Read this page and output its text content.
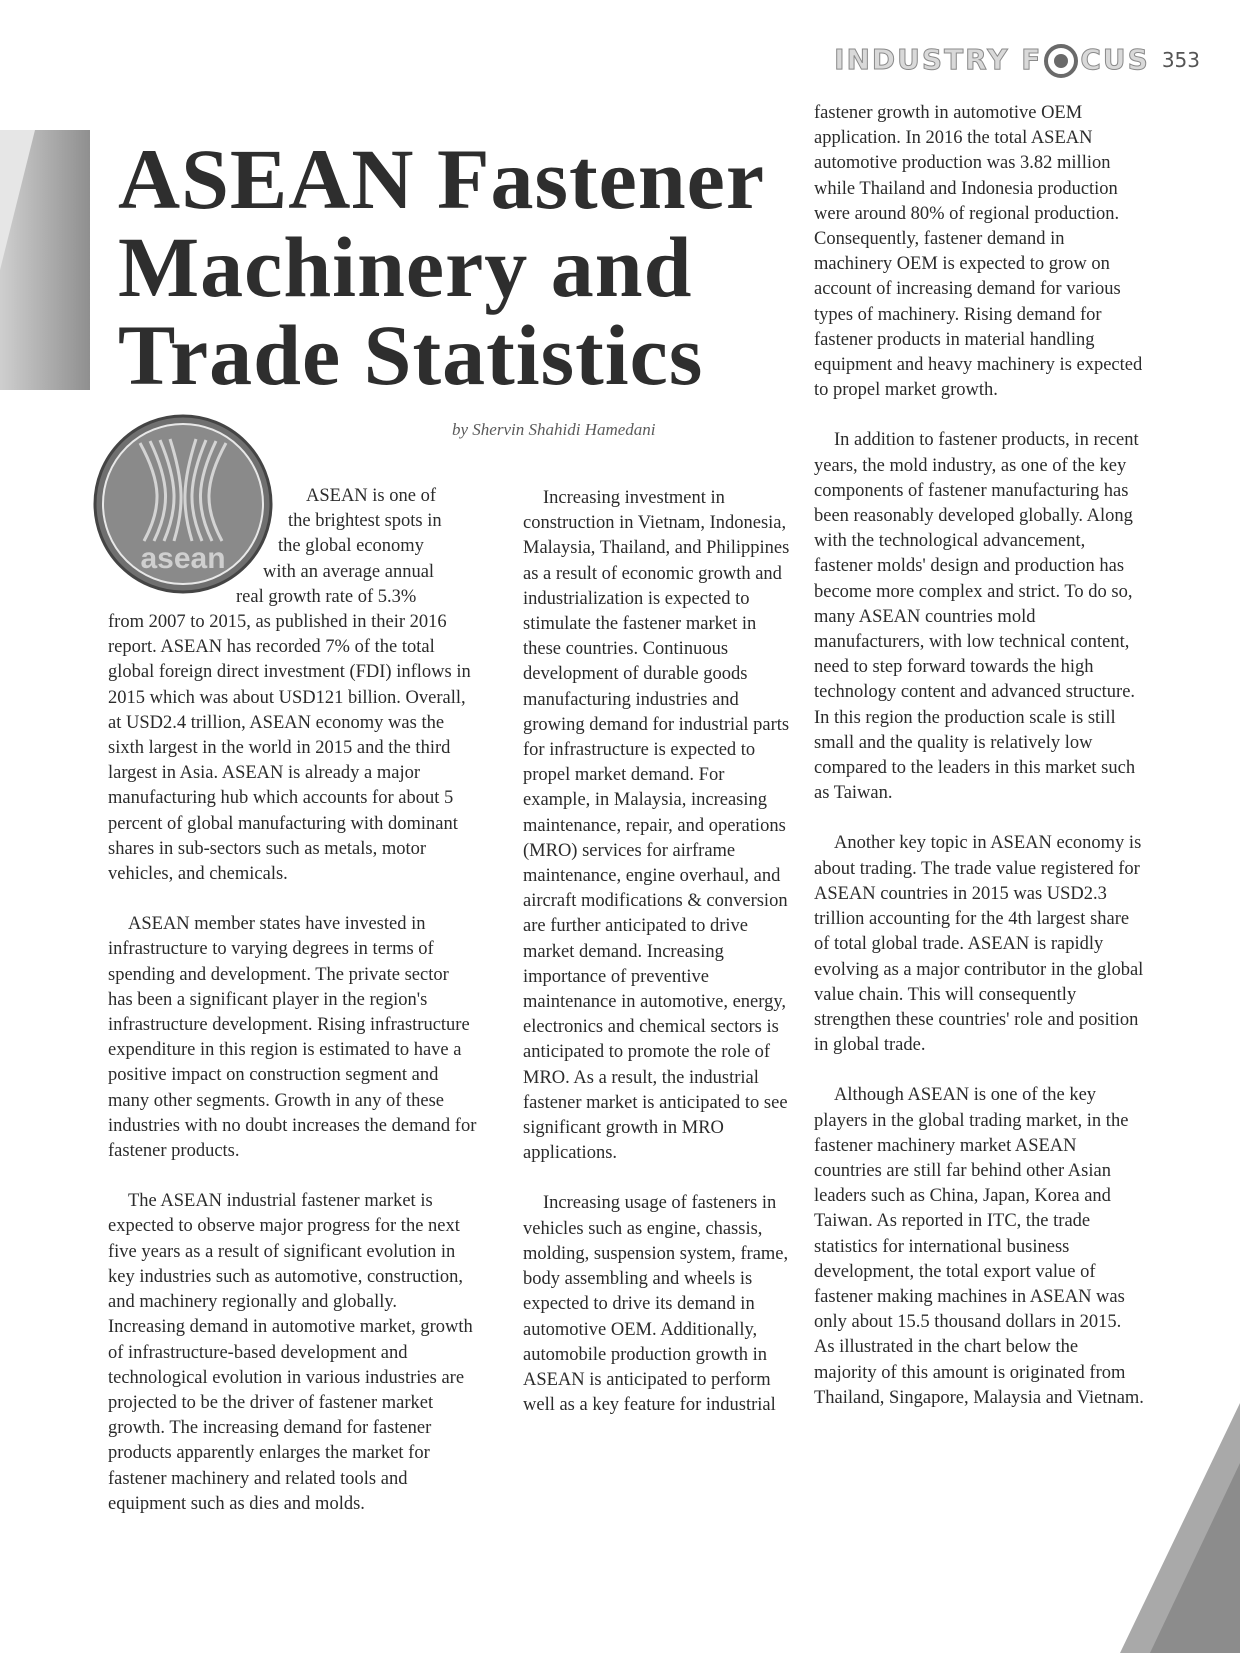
INDUSTRY F CUS 353
ASEAN Fastener
Machinery and
Trade Statistics
by Shervin Shahidi Hamedani
asean

ASEAN is one of

the brightest spots in

the global economy

with an average annual

real growth rate of 5.3%

from 2007 to 2015, as published in their 2016 report. ASEAN has recorded 7% of the total global foreign direct investment (FDI) inflows in 2015 which was about USD121 billion. Overall, at USD2.4 trillion, ASEAN economy was the sixth largest in the world in 2015 and the third largest in Asia. ASEAN is already a major manufacturing hub which accounts for about 5 percent of global manufacturing with dominant shares in sub-sectors such as metals, motor vehicles, and chemicals.

ASEAN member states have invested in infrastructure to varying degrees in terms of spending and development. The private sector has been a significant player in the region's infrastructure development. Rising infrastructure expenditure in this region is estimated to have a positive impact on construction segment and many other segments. Growth in any of these industries with no doubt increases the demand for fastener products.

The ASEAN industrial fastener market is expected to observe major progress for the next five years as a result of significant evolution in key industries such as automotive, construction, and machinery regionally and globally. Increasing demand in automotive market, growth of infrastructure-based development and technological evolution in various industries are projected to be the driver of fastener market growth. The increasing demand for fastener products apparently enlarges the market for fastener machinery and related tools and equipment such as dies and molds.

Increasing investment in construction in Vietnam, Indonesia, Malaysia, Thailand, and Philippines as a result of economic growth and industrialization is expected to stimulate the fastener market in these countries. Continuous development of durable goods manufacturing industries and growing demand for industrial parts for infrastructure is expected to propel market demand. For example, in Malaysia, increasing maintenance, repair, and operations (MRO) services for airframe maintenance, engine overhaul, and aircraft modifications & conversion are further anticipated to drive market demand. Increasing importance of preventive maintenance in automotive, energy, electronics and chemical sectors is anticipated to promote the role of MRO. As a result, the industrial fastener market is anticipated to see significant growth in MRO applications.

Increasing usage of fasteners in vehicles such as engine, chassis, molding, suspension system, frame, body assembling and wheels is expected to drive its demand in automotive OEM. Additionally, automobile production growth in ASEAN is anticipated to perform well as a key feature for industrial

fastener growth in automotive OEM application. In 2016 the total ASEAN automotive production was 3.82 million while Thailand and Indonesia production were around 80% of regional production. Consequently, fastener demand in machinery OEM is expected to grow on account of increasing demand for various types of machinery. Rising demand for fastener products in material handling equipment and heavy machinery is expected to propel market growth.

In addition to fastener products, in recent years, the mold industry, as one of the key components of fastener manufacturing has been reasonably developed globally. Along with the technological advancement, fastener molds' design and production has become more complex and strict. To do so, many ASEAN countries mold manufacturers, with low technical content, need to step forward towards the high technology content and advanced structure. In this region the production scale is still small and the quality is relatively low compared to the leaders in this market such as Taiwan.

Another key topic in ASEAN economy is about trading. The trade value registered for ASEAN countries in 2015 was USD2.3 trillion accounting for the 4th largest share of total global trade. ASEAN is rapidly evolving as a major contributor in the global value chain. This will consequently strengthen these countries' role and position in global trade.

Although ASEAN is one of the key players in the global trading market, in the fastener machinery market ASEAN countries are still far behind other Asian leaders such as China, Japan, Korea and Taiwan. As reported in ITC, the trade statistics for international business development, the total export value of fastener making machines in ASEAN was only about 15.5 thousand dollars in 2015. As illustrated in the chart below the majority of this amount is originated from Thailand, Singapore, Malaysia and Vietnam.
